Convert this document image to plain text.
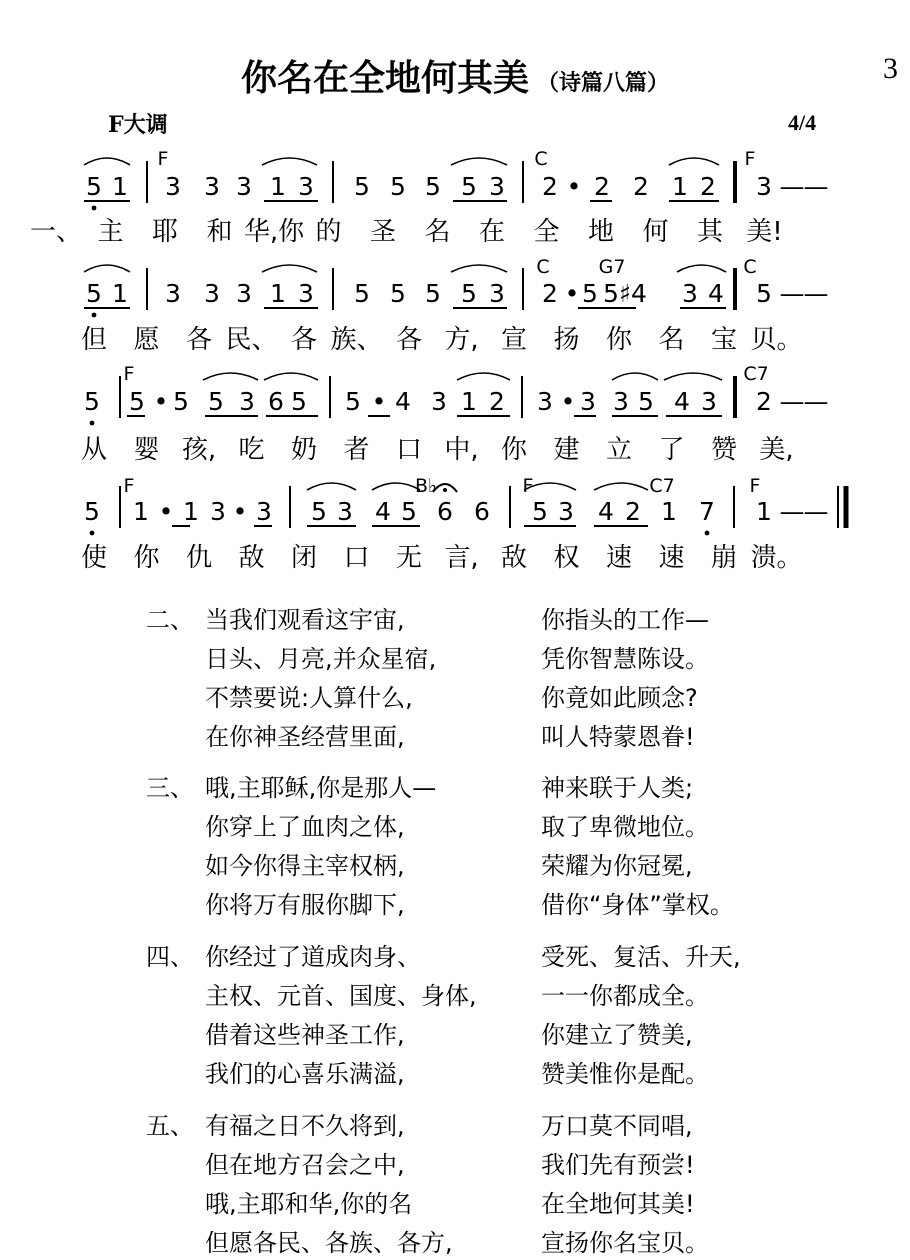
3
你名在全地何其美 （诗篇八篇）
F大调	4/4
5 1 3 3 3 1 3 5 5 5 5 3 2 • 2 2 1 2 3 — —
F	C	F
一、 主 耶 和 华,你 的 圣 名 在 全 地 何 其 美!
5 1 3 3 3 1 3 5 5 5 5 3 2 • 5 5♯4 3 4 5 — —
C	G7	C
但 愿 各 民、 各 族、 各 方, 宣 扬 你 名 宝 贝。
5 5 • 5 5 3 6 5 5 • 4 3 1 2 3 • 3 3 5 4 3 2 — —
F	C7
从 婴 孩, 吃 奶 者 口 中, 你 建 立 了 赞 美,
5 1 • 1 3 • 3 5 3 4 5 6 6 5 3 4 2 1 7 1 — —
F	B♭	F	C7	F
使 你 仇 敌 闭 口 无 言, 敌 权 速 速 崩 溃。
二、 当我们观看这宇宙,	你指头的工作—
日头、月亮,并众星宿,	凭你智慧陈设。
不禁要说:人算什么,	你竟如此顾念?
在你神圣经营里面,	叫人特蒙恩眷!
三、 哦,主耶稣,你是那人—	神来联于人类;
你穿上了血肉之体,	取了卑微地位。
如今你得主宰权柄,	荣耀为你冠冕,
你将万有服你脚下,	借你“身体”掌权。
四、 你经过了道成肉身、	受死、复活、升天,
主权、元首、国度、身体,	一一你都成全。
借着这些神圣工作,	你建立了赞美,
我们的心喜乐满溢,	赞美惟你是配。
五、 有福之日不久将到,	万口莫不同唱,
但在地方召会之中,	我们先有预尝!
哦,主耶和华,你的名	在全地何其美!
但愿各民、各族、各方,	宣扬你名宝贝。
